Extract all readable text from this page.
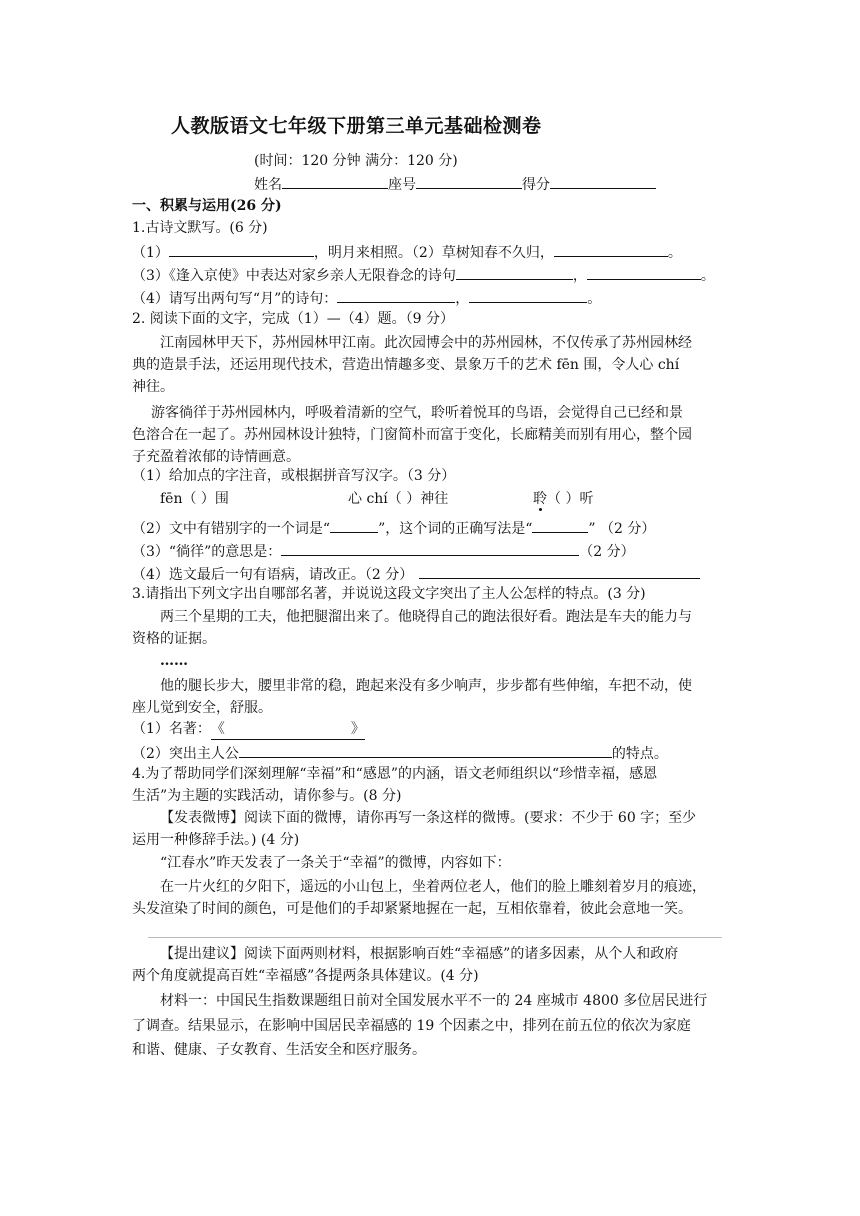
人教版语文七年级下册第三单元基础检测卷
(时间：120 分钟 满分：120 分)
姓名	座号	得分
一、积累与运用(26 分)
1.古诗文默写。(6 分)
（1）	，明月来相照。（2）草树知春不久归，	。
（3）《逢入京使》中表达对家乡亲人无限眷念的诗句	，	。
（4）请写出两句写“月”的诗句：	，	。
2. 阅读下面的文字，完成（1）—（4）题。（9 分）
江南园林甲天下，苏州园林甲江南。此次园博会中的苏州园林，不仅传承了苏州园林经
典的造景手法，还运用现代技术，营造出情趣多变、景象万千的艺术 fēn 围，令人心 chí
神往。
游客徜徉于苏州园林内，呼吸着清新的空气，聆听着悦耳的鸟语，会觉得自己已经和景
色溶合在一起了。苏州园林设计独特，门窗简朴而富于变化，长廊精美而别有用心，整个园
子充盈着浓郁的诗情画意。
（1）给加点的字注音，或根据拼音写汉字。（3 分）
fēn（ ）围	心 chí（ ）神往	聆（ ）听
（2）文中有错别字的一个词是“	”，这个词的正确写法是“	” （2 分）
（3）“徜徉”的意思是：	（2 分）
（4）选文最后一句有语病，请改正。（2 分）
3.请指出下列文字出自哪部名著，并说说这段文字突出了主人公怎样的特点。(3 分)
两三个星期的工夫，他把腿溜出来了。他晓得自己的跑法很好看。跑法是车夫的能力与
资格的证据。
……
他的腿长步大，腰里非常的稳，跑起来没有多少响声，步步都有些伸缩，车把不动，使
座儿觉到安全，舒服。
（1）名著：《	》
（2）突出主人公	的特点。
4.为了帮助同学们深刻理解“幸福”和“感恩”的内涵，语文老师组织以“珍惜幸福，感恩
生活”为主题的实践活动，请你参与。(8 分)
【发表微博】阅读下面的微博，请你再写一条这样的微博。(要求：不少于 60 字；至少
运用一种修辞手法。) (4 分)
“江春水”昨天发表了一条关于“幸福”的微博，内容如下：
在一片火红的夕阳下，遥远的小山包上，坐着两位老人，他们的脸上雕刻着岁月的痕迹，
头发渲染了时间的颜色，可是他们的手却紧紧地握在一起，互相依靠着，彼此会意地一笑。
【提出建议】阅读下面两则材料，根据影响百姓“幸福感”的诸多因素，从个人和政府
两个角度就提高百姓“幸福感”各提两条具体建议。(4 分)
材料一：中国民生指数课题组日前对全国发展水平不一的 24 座城市 4800 多位居民进行
了调查。结果显示，在影响中国居民幸福感的 19 个因素之中，排列在前五位的依次为家庭
和谐、健康、子女教育、生活安全和医疗服务。
